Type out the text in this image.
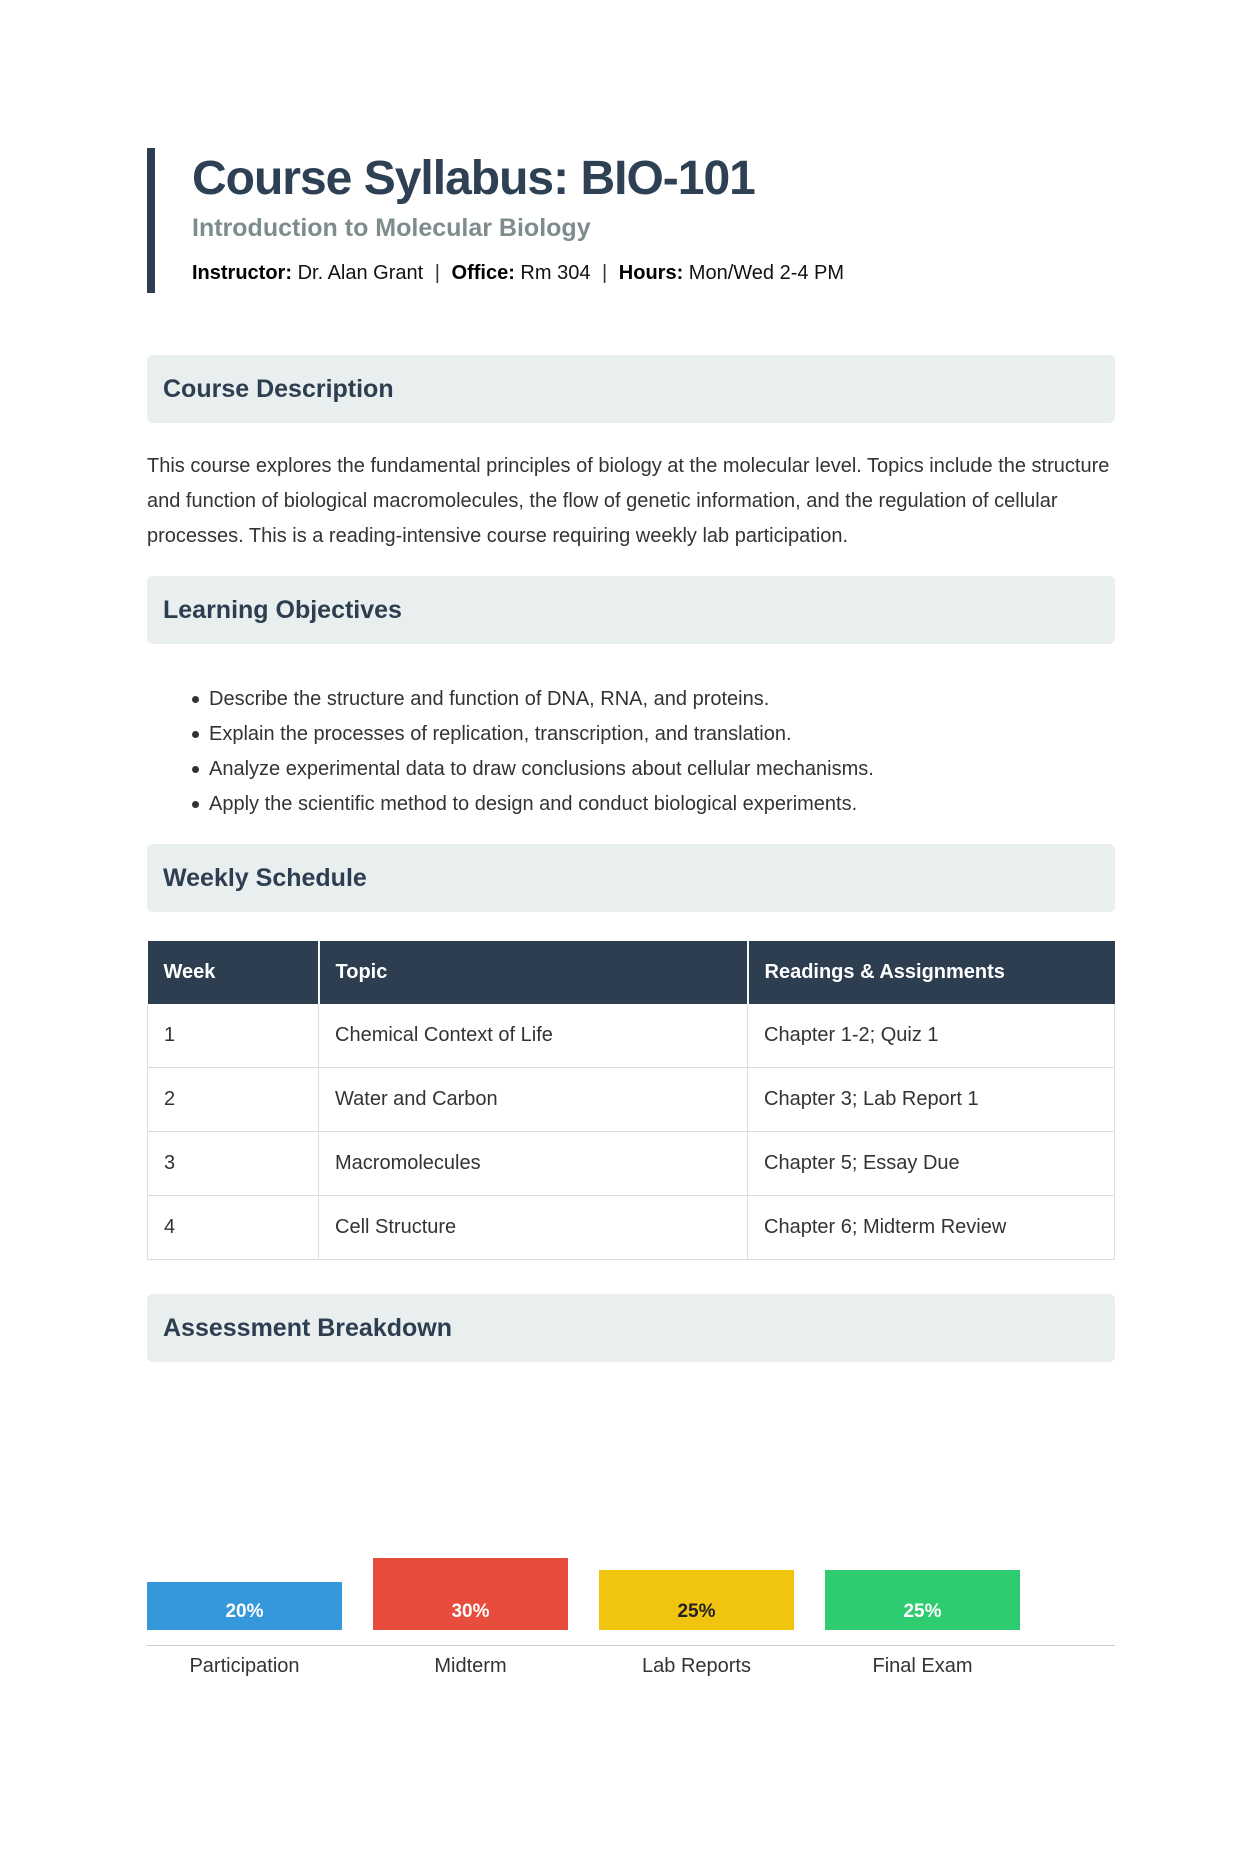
Course Syllabus: BIO-101

Introduction to Molecular Biology

Instructor: Dr. Alan Grant | Office: Rm 304 | Hours: Mon/Wed 2-4 PM

Course Description

This course explores the fundamental principles of biology at the molecular level. Topics include the structure and function of biological macromolecules, the flow of genetic information, and the regulation of cellular processes. This is a reading-intensive course requiring weekly lab participation.

Learning Objectives
Describe the structure and function of DNA, RNA, and proteins.
Explain the processes of replication, transcription, and translation.
Analyze experimental data to draw conclusions about cellular mechanisms.
Apply the scientific method to design and conduct biological experiments.
Weekly Schedule
Week	Topic	Readings & Assignments
1	Chemical Context of Life	Chapter 1-2; Quiz 1
2	Water and Carbon	Chapter 3; Lab Report 1
3	Macromolecules	Chapter 5; Essay Due
4	Cell Structure	Chapter 6; Midterm Review
Assessment Breakdown
20%	30%	25%	25%
Participation	Midterm	Lab Reports	Final Exam
